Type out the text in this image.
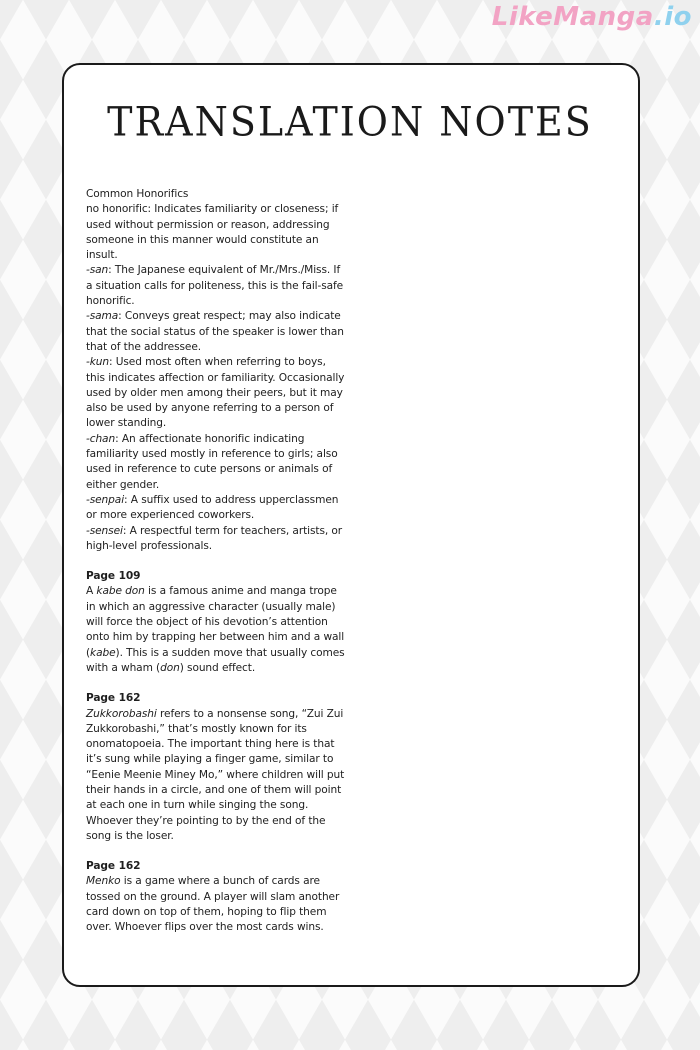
LikeManga.io
TRANSLATION NOTES

Common Honorifics

no honorific: Indicates familiarity or closeness; if used without permission or reason, addressing someone in this manner would constitute an insult.

-san: The Japanese equivalent of Mr./Mrs./Miss. If a situation calls for politeness, this is the fail-safe honorific.

-sama: Conveys great respect; may also indicate that the social status of the speaker is lower than that of the addressee.

-kun: Used most often when referring to boys, this indicates affection or familiarity. Occasionally used by older men among their peers, but it may also be used by anyone referring to a person of lower standing.

-chan: An affectionate honorific indicating familiarity used mostly in reference to girls; also used in reference to cute persons or animals of either gender.

-senpai: A suffix used to address upperclassmen or more experienced coworkers.

-sensei: A respectful term for teachers, artists, or high-level professionals.

Page 109

A kabe don is a famous anime and manga trope in which an aggressive character (usually male) will force the object of his devotion’s attention onto him by trapping her between him and a wall (kabe). This is a sudden move that usually comes with a wham (don) sound effect.

Page 162

Zukkorobashi refers to a nonsense song, “Zui Zui Zukkorobashi,” that’s mostly known for its onomatopoeia. The important thing here is that it’s sung while playing a finger game, similar to “Eenie Meenie Miney Mo,” where children will put their hands in a circle, and one of them will point at each one in turn while singing the song. Whoever they’re pointing to by the end of the song is the loser.

Page 162

Menko is a game where a bunch of cards are tossed on the ground. A player will slam another card down on top of them, hoping to flip them over. Whoever flips over the most cards wins.
